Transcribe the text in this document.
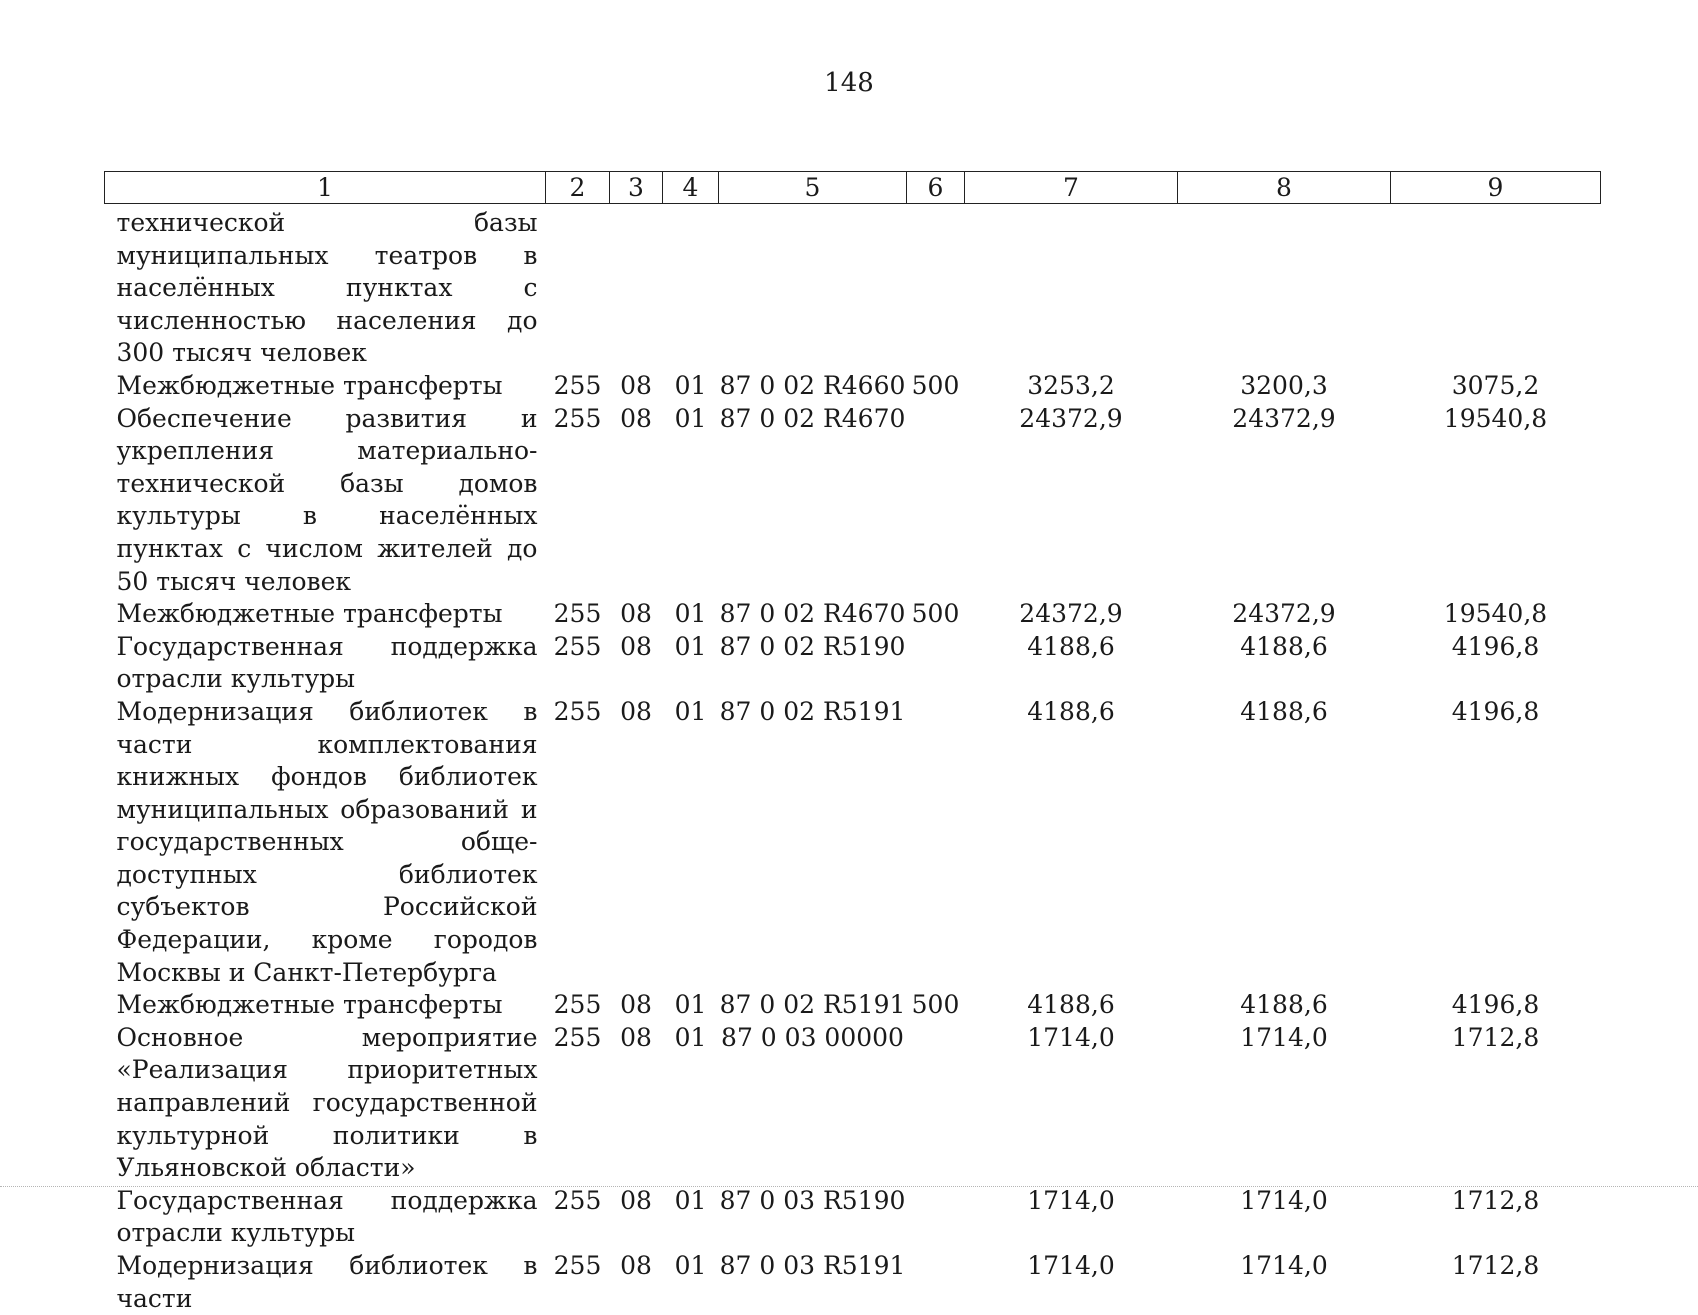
148
1	2	3	4	5	6	7	8	9
технической базы муниципальных театров в населённых пунктах с численностью населения до 300 тысяч человек								
Межбюджетные трансферты	255	08	01	87 0 02 R4660	500	3253,2	3200,3	3075,2
Обеспечение развития и укрепления материально-технической базы домов культуры в населённых пунктах с числом жителей до 50 тысяч человек	255	08	01	87 0 02 R4670		24372,9	24372,9	19540,8
Межбюджетные трансферты	255	08	01	87 0 02 R4670	500	24372,9	24372,9	19540,8
Государственная поддержка отрасли культуры	255	08	01	87 0 02 R5190		4188,6	4188,6	4196,8
Модернизация библиотек в части комплектования книжных фондов библиотек муниципальных образований и государственных общедоступных библиотек субъектов Российской Федерации, кроме городов Москвы и Санкт-Петербурга	255	08	01	87 0 02 R5191		4188,6	4188,6	4196,8
Межбюджетные трансферты	255	08	01	87 0 02 R5191	500	4188,6	4188,6	4196,8
Основное мероприятие «Реализация приоритетных направлений государственной культурной политики в Ульяновской области»	255	08	01	87 0 03 00000		1714,0	1714,0	1712,8
Государственная поддержка отрасли культуры	255	08	01	87 0 03 R5190		1714,0	1714,0	1712,8
Модернизация библиотек в части	255	08	01	87 0 03 R5191		1714,0	1714,0	1712,8
